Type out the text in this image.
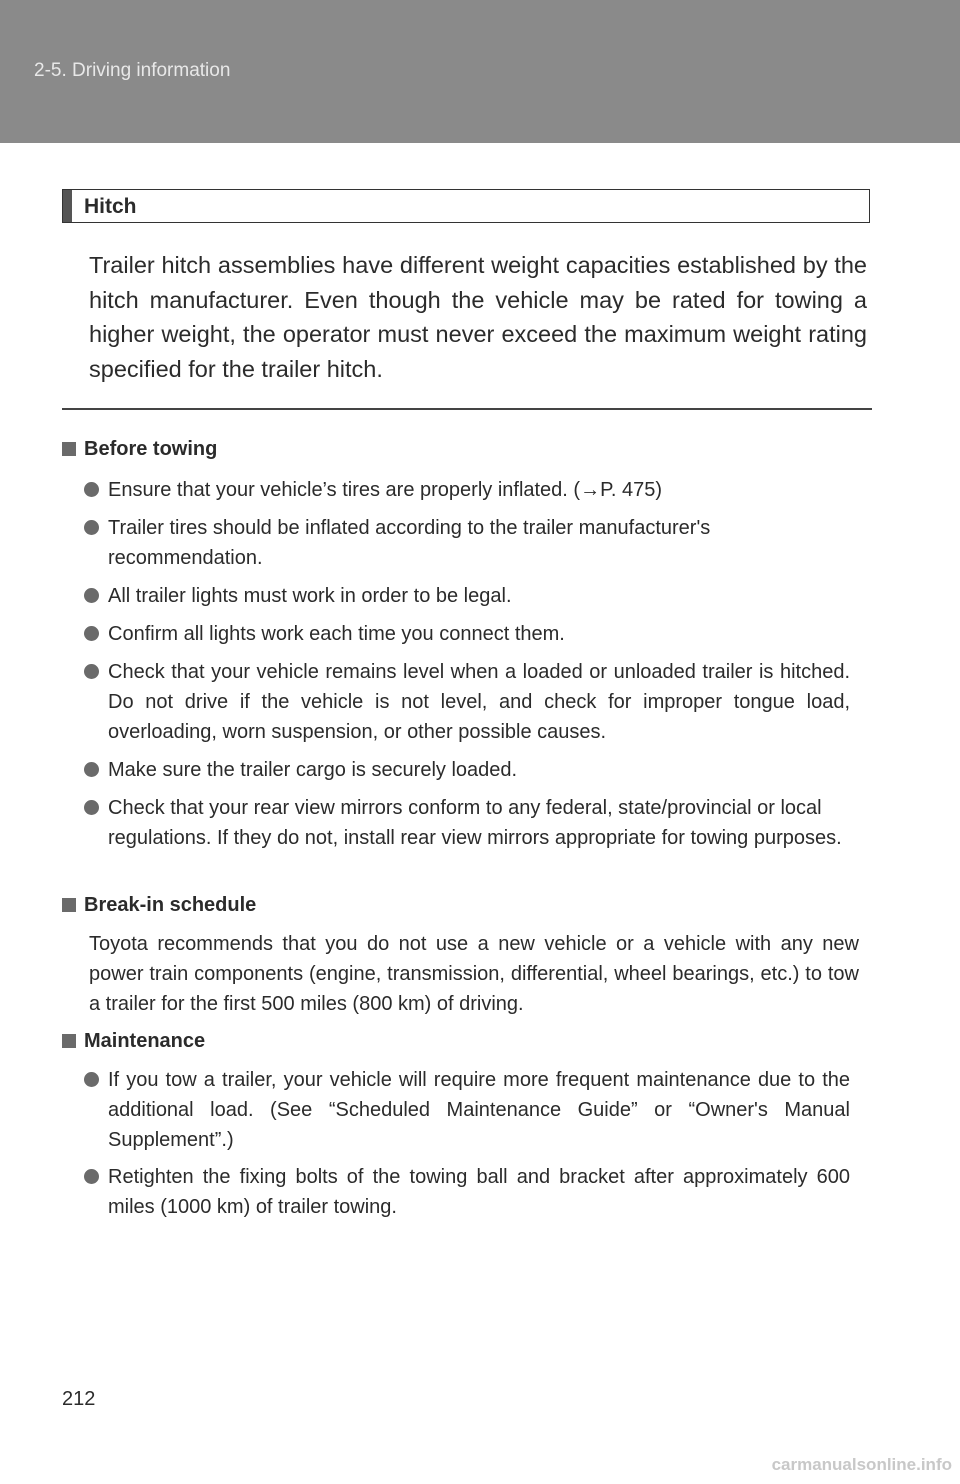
2-5. Driving information
Hitch
Trailer hitch assemblies have different weight capacities established by the hitch manufacturer. Even though the vehicle may be rated for towing a higher weight, the operator must never exceed the maximum weight rating specified for the trailer hitch.
Before towing
Ensure that your vehicle’s tires are properly inflated. (→P. 475)
Trailer tires should be inflated according to the trailer manufacturer's recommendation.
All trailer lights must work in order to be legal.
Confirm all lights work each time you connect them.
Check that your vehicle remains level when a loaded or unloaded trailer is hitched. Do not drive if the vehicle is not level, and check for improper tongue load, overloading, worn suspension, or other possible causes.
Make sure the trailer cargo is securely loaded.
Check that your rear view mirrors conform to any federal, state/provincial or local regulations. If they do not, install rear view mirrors appropriate for towing purposes.
Break-in schedule
Toyota recommends that you do not use a new vehicle or a vehicle with any new power train components (engine, transmission, differential, wheel bearings, etc.) to tow a trailer for the first 500 miles (800 km) of driving.
Maintenance
If you tow a trailer, your vehicle will require more frequent maintenance due to the additional load. (See “Scheduled Maintenance Guide” or “Owner's Manual Supplement”.)
Retighten the fixing bolts of the towing ball and bracket after approximately 600 miles (1000 km) of trailer towing.
212
carmanualsonline.info
